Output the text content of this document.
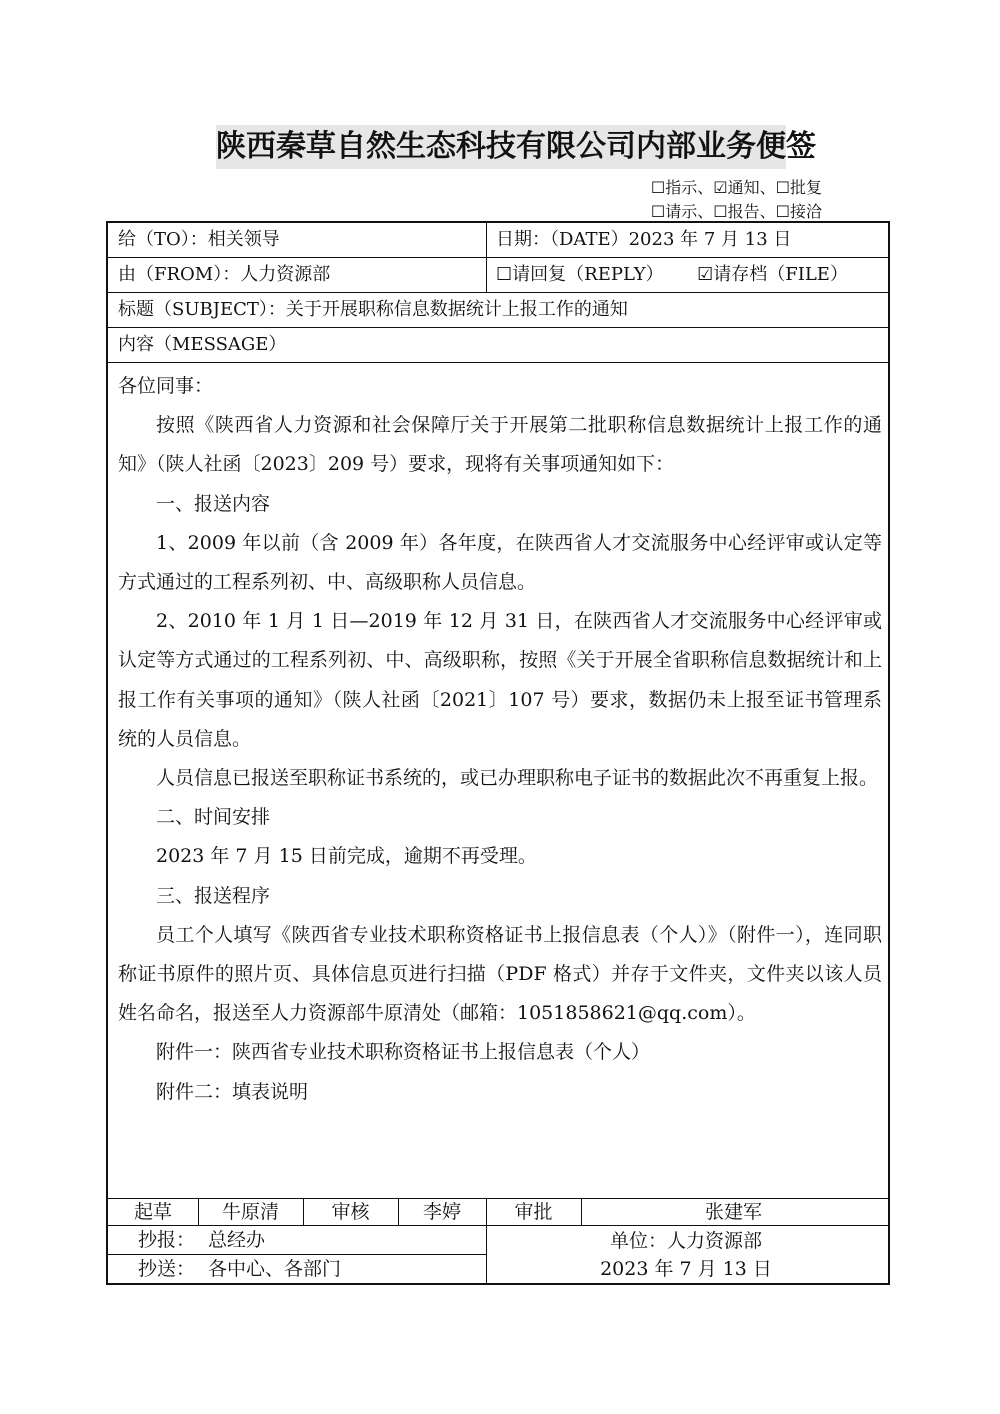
陕西秦草自然生态科技有限公司内部业务便签
☐指示、☑通知、☐批复
☐请示、☐报告、☐接洽
给（TO）：相关领导	日期：（DATE）2023 年 7 月 13 日
由（FROM）：人力资源部	☐请回复（REPLY） ☑请存档（FILE）
标题（SUBJECT）：关于开展职称信息数据统计上报工作的通知
内容（MESSAGE）

各位同事：

按照《陕西省人力资源和社会保障厅关于开展第二批职称信息数据统计上报工作的通知》（陕人社函〔2023〕209 号）要求，现将有关事项通知如下：

一、报送内容

1、2009 年以前（含 2009 年）各年度，在陕西省人才交流服务中心经评审或认定等方式通过的工程系列初、中、高级职称人员信息。

2、2010 年 1 月 1 日—2019 年 12 月 31 日，在陕西省人才交流服务中心经评审或认定等方式通过的工程系列初、中、高级职称，按照《关于开展全省职称信息数据统计和上报工作有关事项的通知》（陕人社函〔2021〕107 号）要求，数据仍未上报至证书管理系统的人员信息。

人员信息已报送至职称证书系统的，或已办理职称电子证书的数据此次不再重复上报。

二、时间安排

2023 年 7 月 15 日前完成，逾期不再受理。

三、报送程序

员工个人填写《陕西省专业技术职称资格证书上报信息表（个人）》（附件一），连同职称证书原件的照片页、具体信息页进行扫描（PDF 格式）并存于文件夹，文件夹以该人员姓名命名，报送至人力资源部牛原清处（邮箱：1051858621@qq.com）。

附件一：陕西省专业技术职称资格证书上报信息表（个人）

附件二：填表说明

起草	牛原清	审核	李婷	审批	张建军
抄报： 总经办
抄送： 各中心、各部门
单位：人力资源部
2023 年 7 月 13 日
